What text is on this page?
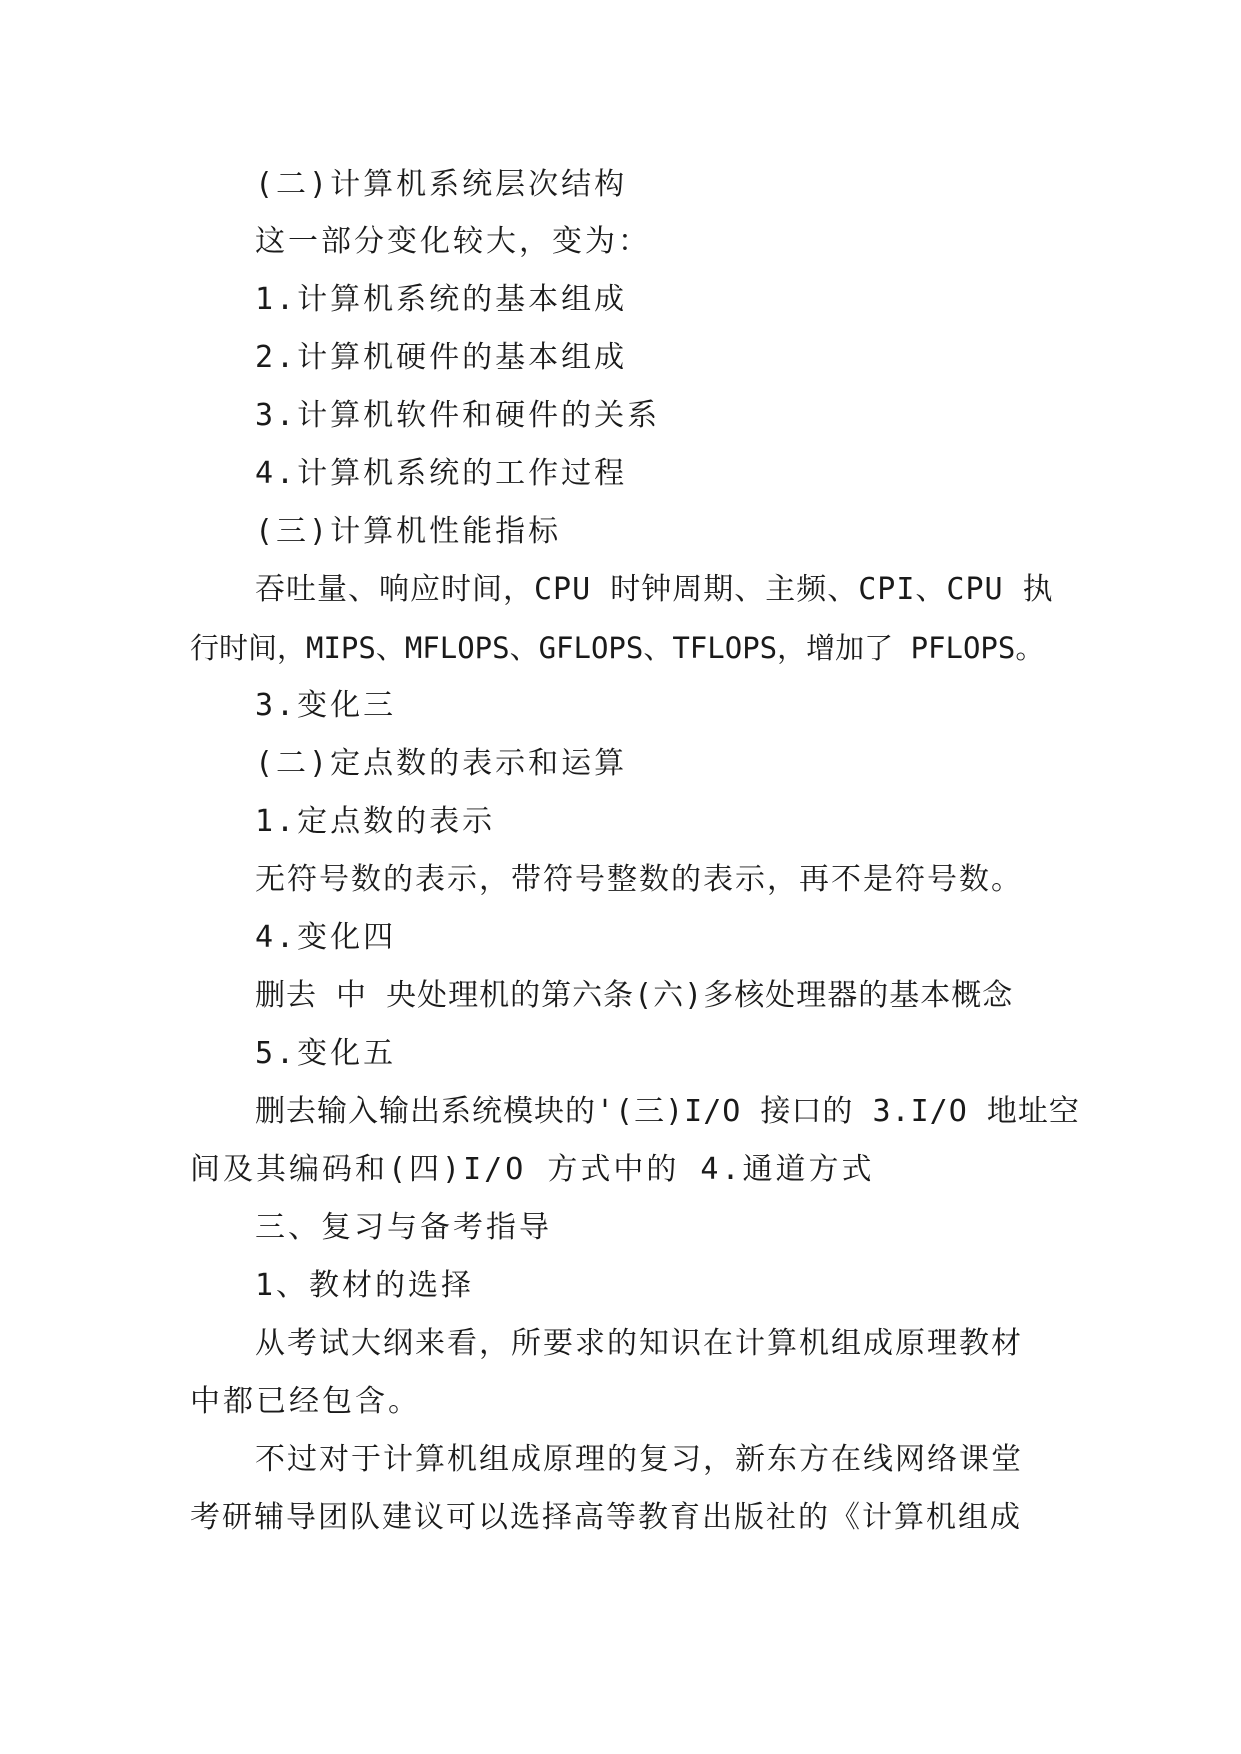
(二)计算机系统层次结构
这一部分变化较大，变为：
1.计算机系统的基本组成
2.计算机硬件的基本组成
3.计算机软件和硬件的关系
4.计算机系统的工作过程
(三)计算机性能指标
吞吐量、响应时间，CPU 时钟周期、主频、CPI、CPU 执
行时间，MIPS、MFLOPS、GFLOPS、TFLOPS，增加了 PFLOPS。
3.变化三
(二)定点数的表示和运算
1.定点数的表示
无符号数的表示，带符号整数的表示，再不是符号数。
4.变化四
删去 中 央处理机的第六条(六)多核处理器的基本概念
5.变化五
删去输入输出系统模块的'(三)I/O 接口的 3.I/O 地址空
间及其编码和(四)I/O 方式中的 4.通道方式
三、复习与备考指导
1、教材的选择
从考试大纲来看，所要求的知识在计算机组成原理教材
中都已经包含。
不过对于计算机组成原理的复习，新东方在线网络课堂
考研辅导团队建议可以选择高等教育出版社的《计算机组成
